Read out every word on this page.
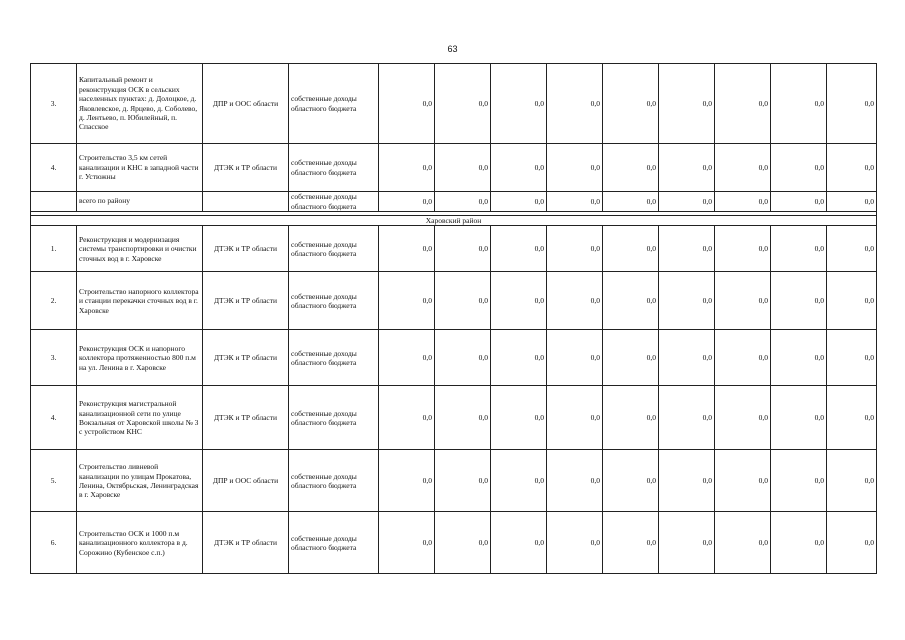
63
3.	Капитальный ремонт и реконструкция ОСК в сельских населенных пунктах: д. Долоцкое, д. Яковлевское, д. Ярцево, д. Соболево, д. Лентьево, п. Юбилейный, п. Спасское	ДПР и ООС области	собственные доходы областного бюджета	0,0	0,0	0,0	0,0	0,0	0,0	0,0	0,0	0,0
4.	Строительство 3,5 км сетей канализации и КНС в западной части г. Устюжны	ДТЭК и ТР области	собственные доходы областного бюджета	0,0	0,0	0,0	0,0	0,0	0,0	0,0	0,0	0,0
	всего по району		собственные доходы областного бюджета	0,0	0,0	0,0	0,0	0,0	0,0	0,0	0,0	0,0

Харовский район												
1.	Реконструкция и модернизация системы транспортировки и очистки сточных вод в г. Харовске	ДТЭК и ТР области	собственные доходы областного бюджета	0,0	0,0	0,0	0,0	0,0	0,0	0,0	0,0	0,0
2.	Строительство напорного коллектора и станции перекачки сточных вод в г. Харовске	ДТЭК и ТР области	собственные доходы областного бюджета	0,0	0,0	0,0	0,0	0,0	0,0	0,0	0,0	0,0
3.	Реконструкция ОСК и напорного коллектора протяженностью 800 п.м на ул. Ленина в г. Харовске	ДТЭК и ТР области	собственные доходы областного бюджета	0,0	0,0	0,0	0,0	0,0	0,0	0,0	0,0	0,0
4.	Реконструкция магистральной канализационной сети по улице Вокзальная от Харовской школы № 3 с устройством КНС	ДТЭК и ТР области	собственные доходы областного бюджета	0,0	0,0	0,0	0,0	0,0	0,0	0,0	0,0	0,0
5.	Строительство ливневой канализации по улицам Прокатова, Ленина, Октябрьская, Ленинградская в г. Харовске	ДПР и ООС области	собственные доходы областного бюджета	0,0	0,0	0,0	0,0	0,0	0,0	0,0	0,0	0,0
6.	Строительство ОСК и 1000 п.м канализационного коллектора в д. Сорожино (Кубенское с.п.)	ДТЭК и ТР области	собственные доходы областного бюджета	0,0	0,0	0,0	0,0	0,0	0,0	0,0	0,0	0,0
